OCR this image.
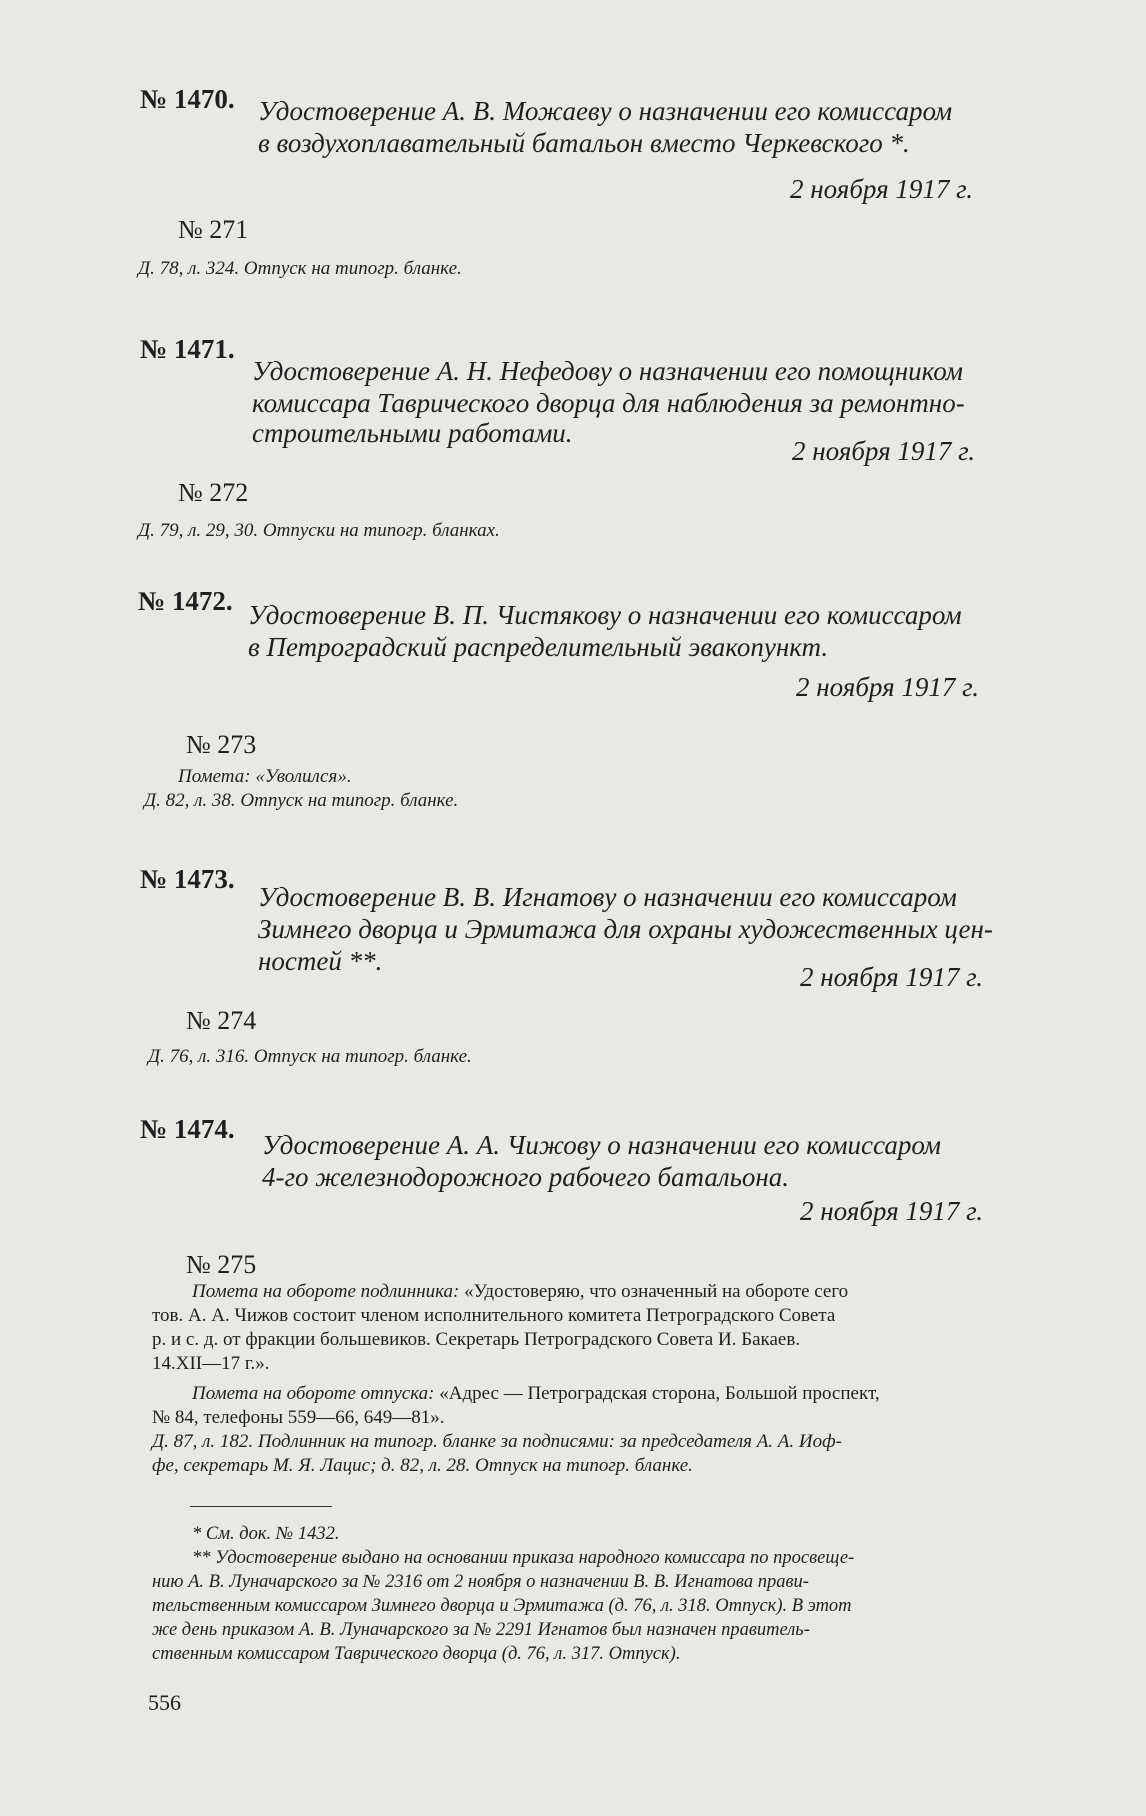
№ 1470. Удостоверение А. В. Можаеву о назначении его комиссаром
в воздухоплавательный батальон вместо Черкевского *.
2 ноября 1917 г.
№ 271
Д. 78, л. 324. Отпуск на типогр. бланке.
№ 1471.
Удостоверение А. Н. Нефедову о назначении его помощником
комиссара Таврического дворца для наблюдения за ремонтно-
строительными работами.
2 ноября 1917 г.
№ 272
Д. 79, л. 29, 30. Отпуски на типогр. бланках.
№ 1472. Удостоверение В. П. Чистякову о назначении его комиссаром
в Петроградский распределительный эвакопункт.
2 ноября 1917 г.
№ 273
Помета: «Уволился».
Д. 82, л. 38. Отпуск на типогр. бланке.
№ 1473.
Удостоверение В. В. Игнатову о назначении его комиссаром
Зимнего дворца и Эрмитажа для охраны художественных цен-
ностей **.
2 ноября 1917 г.
№ 274
Д. 76, л. 316. Отпуск на типогр. бланке.
№ 1474.
Удостоверение А. А. Чижову о назначении его комиссаром
4-го железнодорожного рабочего батальона.
2 ноября 1917 г.
№ 275
Помета на обороте подлинника: «Удостоверяю, что означенный на обороте сего
тов. А. А. Чижов состоит членом исполнительного комитета Петроградского Совета
р. и с. д. от фракции большевиков. Секретарь Петроградского Совета И. Бакаев.
14.XII—17 г.».
Помета на обороте отпуска: «Адрес — Петроградская сторона, Большой проспект,
№ 84, телефоны 559—66, 649—81».
Д. 87, л. 182. Подлинник на типогр. бланке за подписями: за председателя А. А. Иоф-
фе, секретарь М. Я. Лацис; д. 82, л. 28. Отпуск на типогр. бланке.
* См. док. № 1432.
** Удостоверение выдано на основании приказа народного комиссара по просвеще-
нию А. В. Луначарского за № 2316 от 2 ноября о назначении В. В. Игнатова прави-
тельственным комиссаром Зимнего дворца и Эрмитажа (д. 76, л. 318. Отпуск). В этот
же день приказом А. В. Луначарского за № 2291 Игнатов был назначен правитель-
ственным комиссаром Таврического дворца (д. 76, л. 317. Отпуск).
556
